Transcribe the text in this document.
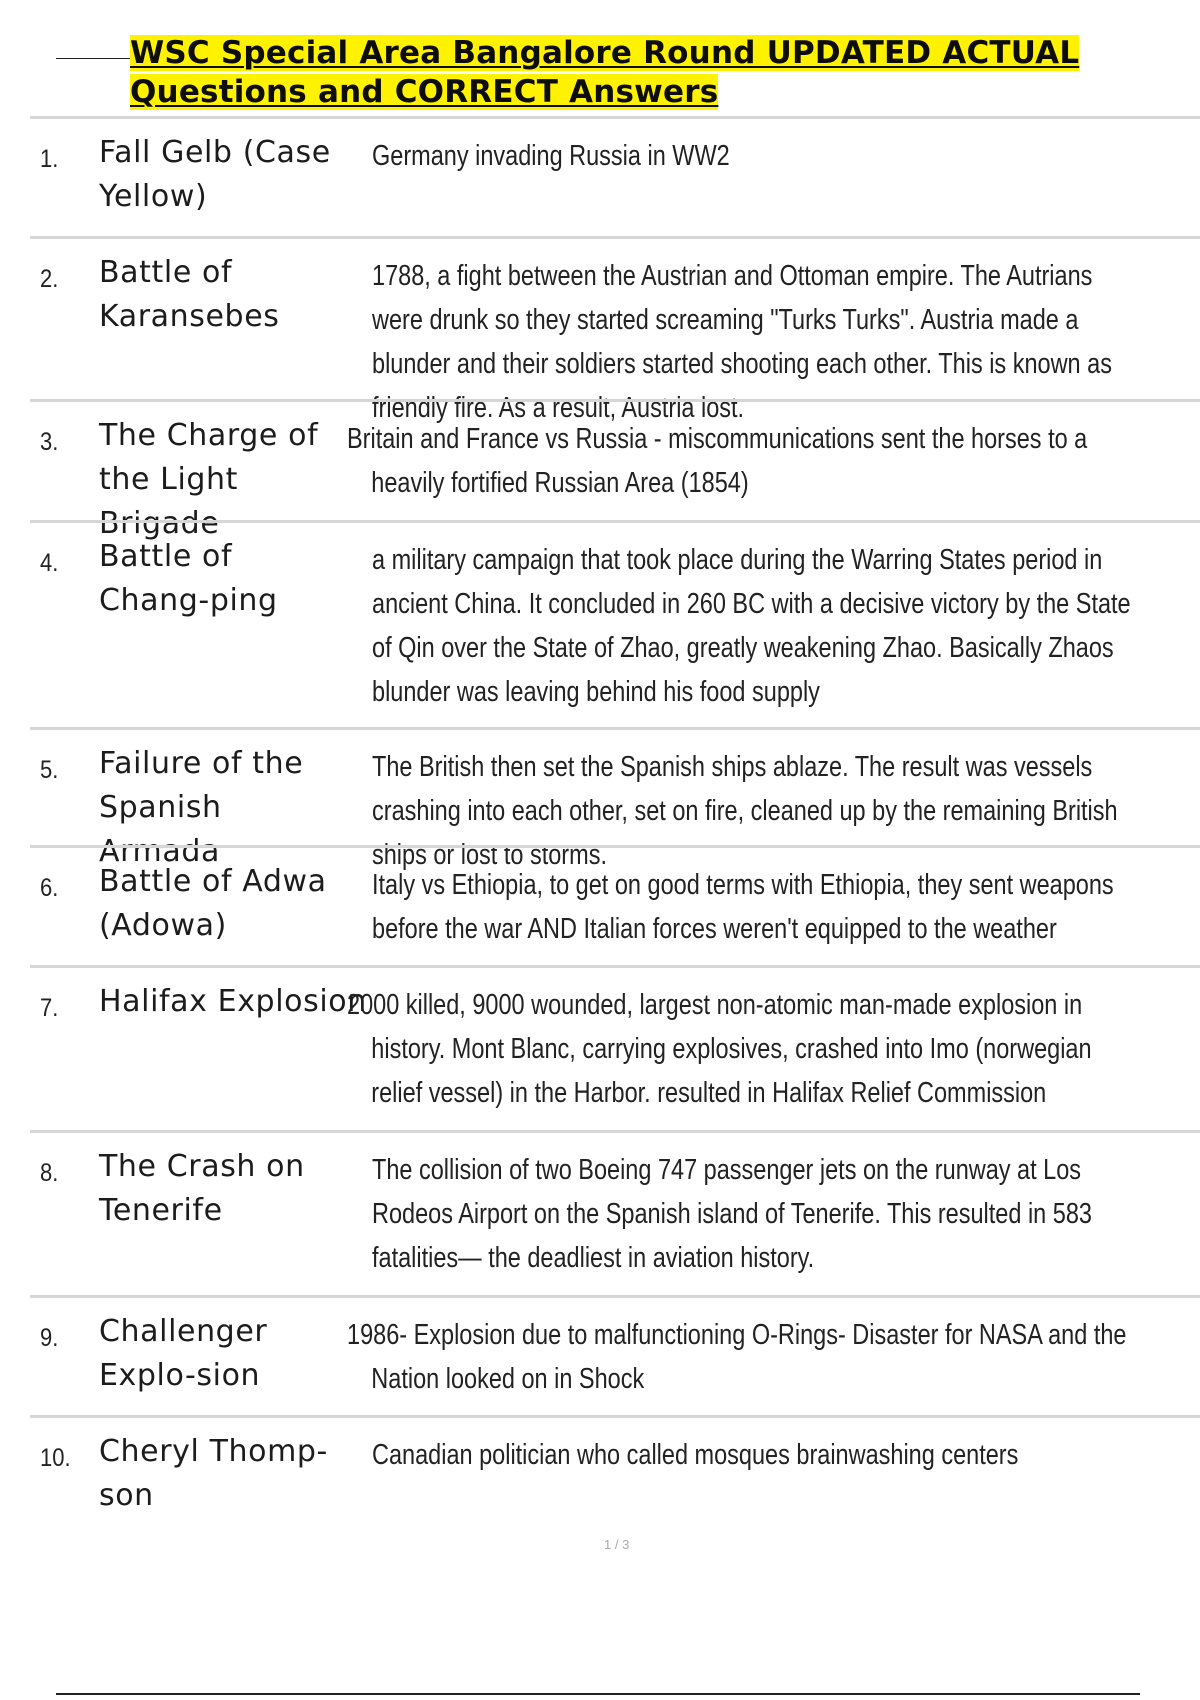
WSC Special Area Bangalore Round UPDATED ACTUAL Questions and CORRECT Answers
1. Fall Gelb (Case Yellow)
Germany invading Russia in WW2
2. Battle of Karansebes
1788, a fight between the Austrian and Ottoman empire. The Autrians were drunk so they started screaming "Turks Turks". Austria made a blunder and their soldiers started shooting each other. This is known as friendly fire. As a result, Austria lost.
3. The Charge of the Light Brigade
Britain and France vs Russia - miscommunications sent the horses to a heavily fortified Russian Area (1854)
4. Battle of Chang-ping
a military campaign that took place during the Warring States period in ancient China. It concluded in 260 BC with a decisive victory by the State of Qin over the State of Zhao, greatly weakening Zhao. Basically Zhaos blunder was leaving behind his food supply
5. Failure of the Spanish Armada
The British then set the Spanish ships ablaze. The result was vessels crashing into each other, set on fire, cleaned up by the remaining British ships or lost to storms.
6. Battle of Adwa (Adowa)
Italy vs Ethiopia, to get on good terms with Ethiopia, they sent weapons before the war AND Italian forces weren't equipped to the weather
7. Halifax Explosion
2000 killed, 9000 wounded, largest non-atomic man-made explosion in history. Mont Blanc, carrying explosives, crashed into Imo (norwegian relief vessel) in the Harbor. resulted in Halifax Relief Commission
8. The Crash on Tenerife
The collision of two Boeing 747 passenger jets on the runway at Los Rodeos Airport on the Spanish island of Tenerife. This resulted in 583 fatalities— the deadliest in aviation history.
9. Challenger Explo-sion
1986- Explosion due to malfunctioning O-Rings- Disaster for NASA and the Nation looked on in Shock
10. Cheryl Thomp-son
Canadian politician who called mosques brainwashing centers
1 / 3
